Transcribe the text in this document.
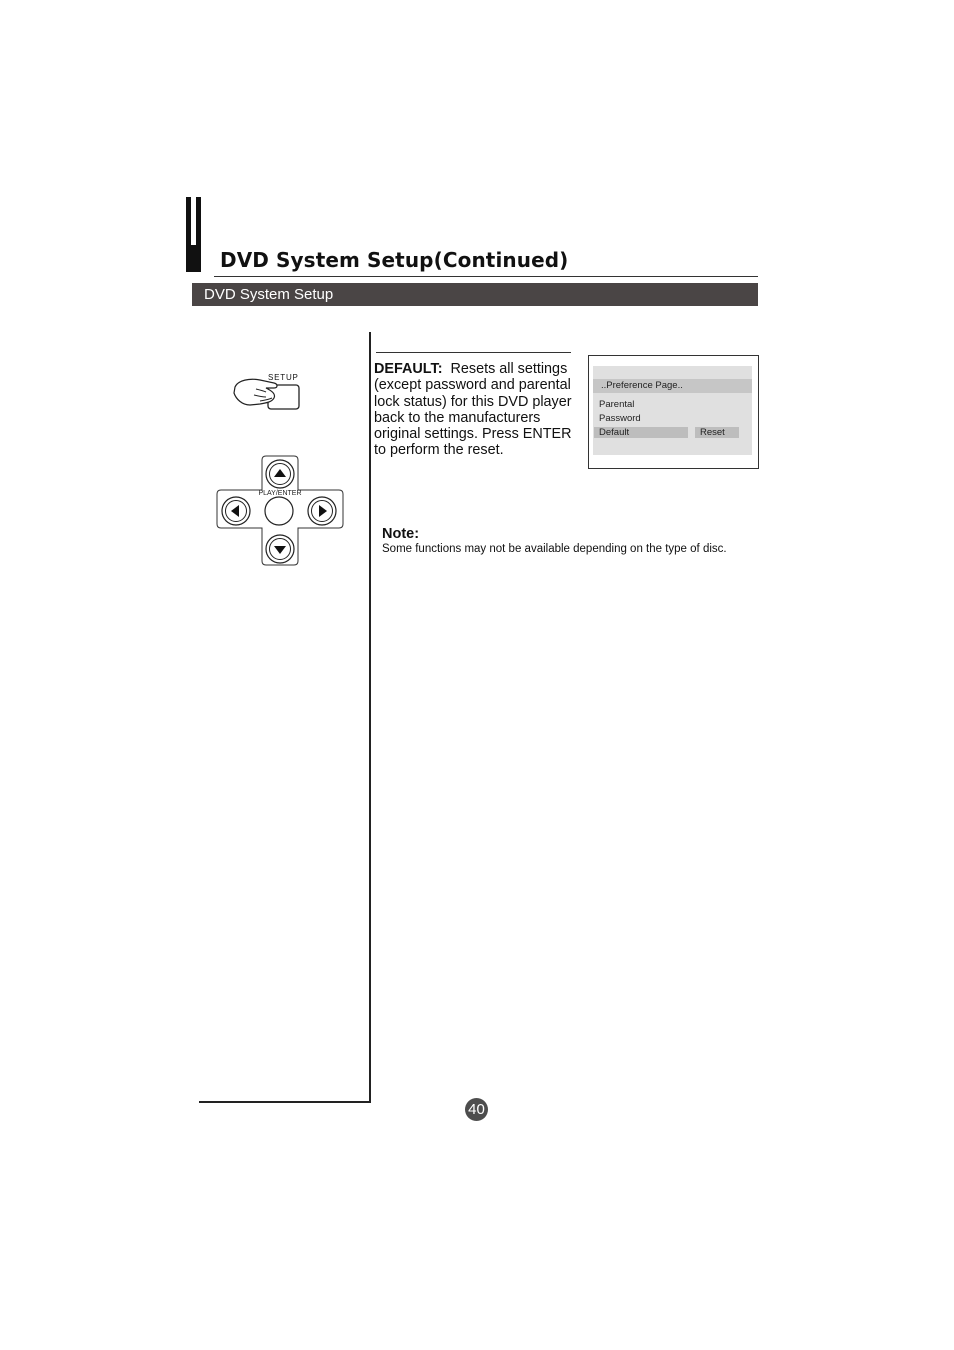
DVD System Setup(Continued)
DVD System Setup
SETUP
PLAY/ENTER
DEFAULT: Resets all settings (except password and parental lock status) for this DVD player back to the manufacturers original settings. Press ENTER to perform the reset.
..Preference Page..
Parental
Password
Default	Reset
Note:
Some functions may not be available depending on the type of disc.
40
